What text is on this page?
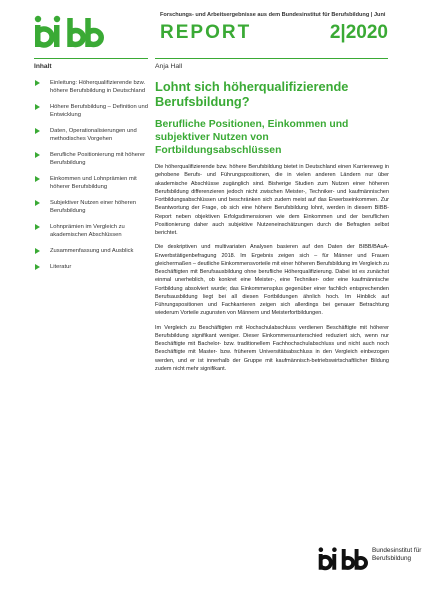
Forschungs- und Arbeitsergebnisse aus dem Bundesinstitut für Berufsbildung | Juni
REPORT	2|2020
Inhalt
Einleitung: Höherqualifizierende bzw. höhere Berufsbildung in Deutschland
Höhere Berufsbildung – Definition und Entwicklung
Daten, Operationalisierungen und methodisches Vorgehen
Berufliche Positionierung mit höherer Berufsbildung
Einkommen und Lohnprämien mit höherer Berufsbildung
Subjektiver Nutzen einer höheren Berufsbildung
Lohnprämien im Vergleich zu akademischen Abschlüssen
Zusammenfassung und Ausblick
Literatur
Anja Hall
Lohnt sich höherqualifizierende Berufsbildung?
Berufliche Positionen, Einkommen und subjektiver Nutzen von Fortbildungsabschlüssen

Die höherqualifizierende bzw. höhere Berufsbildung bietet in Deutschland einen Karriereweg in gehobene Berufs- und Führungspositionen, die in vielen anderen Ländern nur über akademische Abschlüsse zugänglich sind. Bisherige Studien zum Nutzen einer höheren Berufsbildung differenzieren jedoch nicht zwischen Meister-, Techniker- und kaufmännischen Fortbildungsabschlüssen und beschränken sich zudem meist auf das Erwerbseinkommen. Zur Beantwortung der Frage, ob sich eine höhere Berufsbildung lohnt, werden in diesem BIBB-Report neben objektiven Erfolgsdimensionen wie dem Einkommen und der beruflichen Positionierung daher auch subjektive Nutzeneinschätzungen durch die Befragten selbst berichtet.

Die deskriptiven und multivariaten Analysen basieren auf den Daten der BIBB/BAuA-Erwerbstätigenbefragung 2018. Im Ergebnis zeigen sich – für Männer und Frauen gleichermaßen – deutliche Einkommensvorteile mit einer höheren Berufsbildung im Vergleich zu Beschäftigten mit Berufsausbildung ohne berufliche Höherqualifizierung. Dabei ist es zunächst einmal unerheblich, ob konkret eine Meister-, eine Techniker- oder eine kaufmännische Fortbildung absolviert wurde; das Einkommensplus gegenüber einer fachlich entsprechenden Berufsausbildung liegt bei all diesen Fortbildungen ähnlich hoch. Im Hinblick auf Führungspositionen und Fachkarrieren zeigen sich allerdings bei genauer Betrachtung wiederum Vorteile zugunsten von Männern und Meisterfortbildungen.

Im Vergleich zu Beschäftigten mit Hochschulabschluss verdienen Beschäftigte mit höherer Berufsbildung signifikant weniger. Dieser Einkommensunterschied reduziert sich, wenn nur Beschäftigte mit Bachelor- bzw. traditionellem Fachhochschulabschluss und nicht auch noch Beschäftigte mit Master- bzw. früherem Universitätsabschluss in den Vergleich einbezogen werden, und er ist innerhalb der Gruppe mit kaufmännisch-betriebswirtschaftlicher Bildung zudem nicht mehr signifikant.

Bundesinstitut für Berufsbildung
